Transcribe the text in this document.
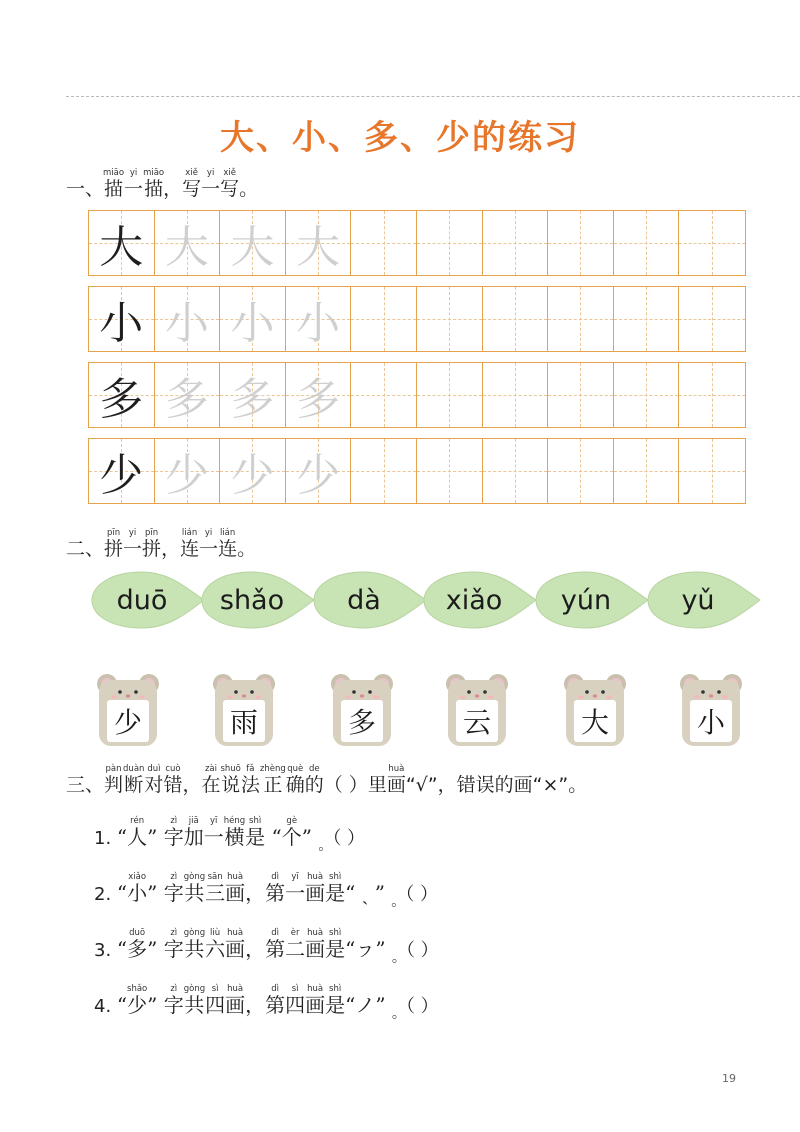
大、小、多、少的练习
一、描miāo一yi描miāo，写xiě一yi写xiě。
大 大 大 大
小 小 小 小
多 多 多 多
少 少 少 少
二、拼pīn一yi拼pīn，连lián一yi连lián。
duō	shǎo	dà	xiǎo	yún	yǔ
少	雨	多	云	大	小
三、判pàn断duàn对duì错cuò，在zài说shuō法fǎ正zhèng确què的de（ ）里画huà“√”，错误的画“×”。
1. “人rén” 字zì加jiā一yī横héng是shì “个gè” $_。$（ ）
2. “小xiǎo” 字zì共gòng三sān画huà，第dì一yī画huà是shì“ ˏ ” $_。$（ ）
3. “多duō” 字zì共gòng六liù画huà，第dì二èr画huà是shì“ㇷ” $_。$（ ）
4. “少shǎo” 字zì共gòng四sì画huà，第dì四sì画huà是shì“ノ” $_。$（ ）
19
